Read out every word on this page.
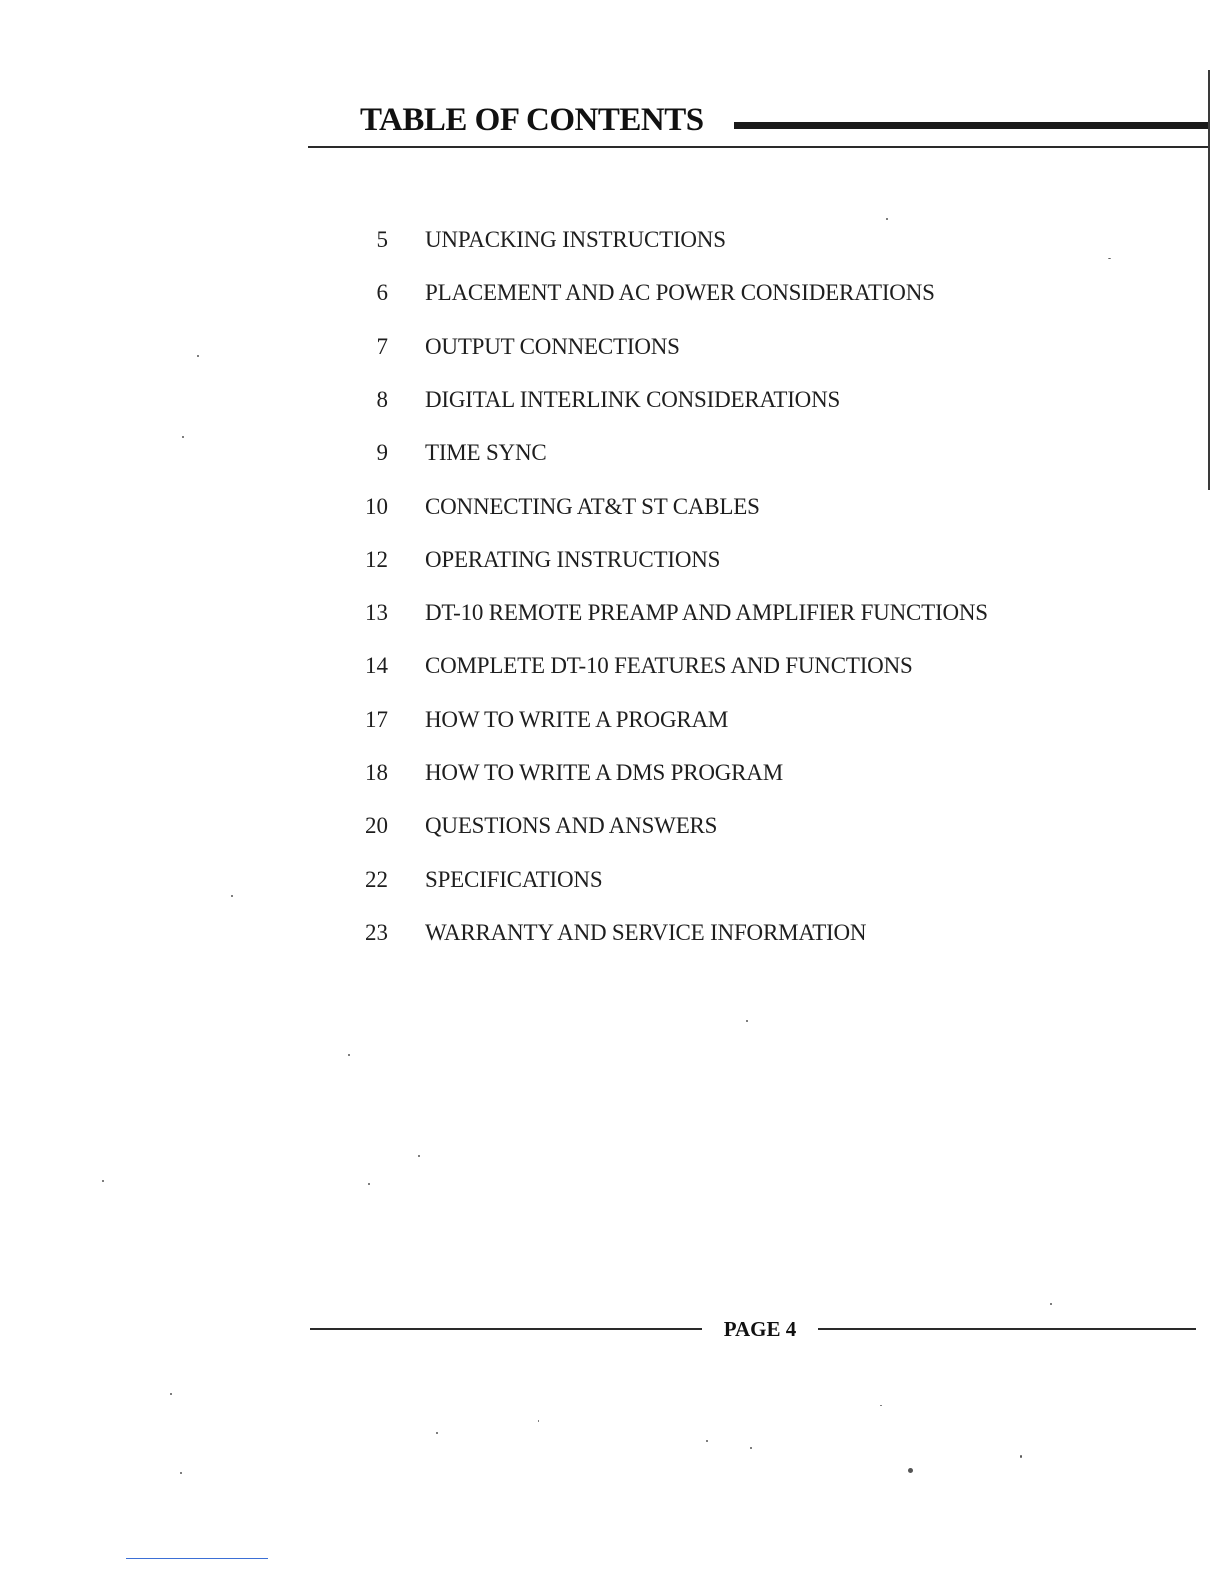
TABLE OF CONTENTS
5 UNPACKING INSTRUCTIONS
6 PLACEMENT AND AC POWER CONSIDERATIONS
7 OUTPUT CONNECTIONS
8 DIGITAL INTERLINK CONSIDERATIONS
9 TIME SYNC
10 CONNECTING AT&T ST CABLES
12 OPERATING INSTRUCTIONS
13 DT-10 REMOTE PREAMP AND AMPLIFIER FUNCTIONS
14 COMPLETE DT-10 FEATURES AND FUNCTIONS
17 HOW TO WRITE A PROGRAM
18 HOW TO WRITE A DMS PROGRAM
20 QUESTIONS AND ANSWERS
22 SPECIFICATIONS
23 WARRANTY AND SERVICE INFORMATION
PAGE 4
